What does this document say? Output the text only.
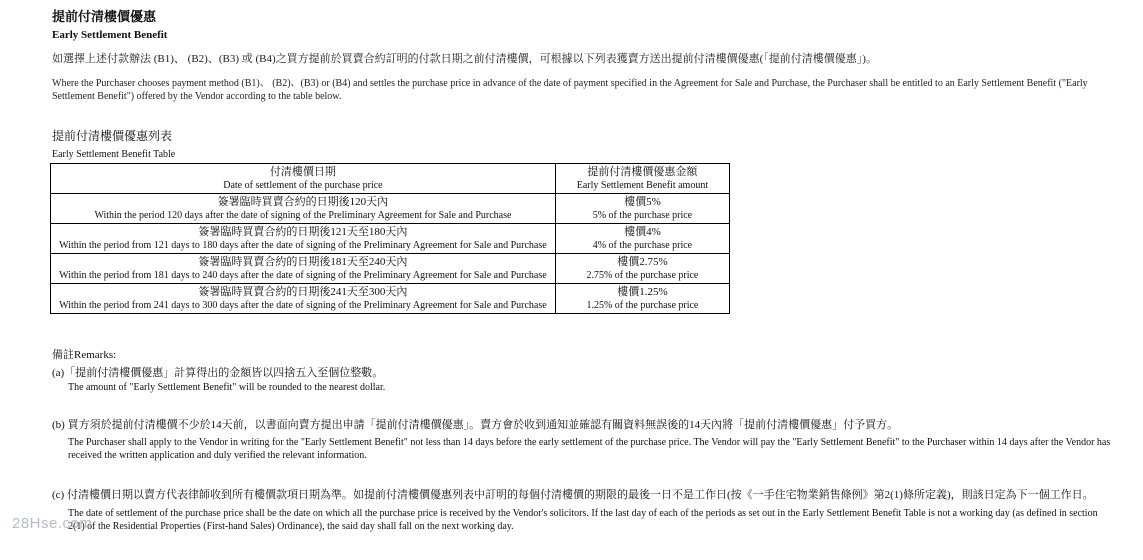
提前付清樓價優惠
Early Settlement Benefit
如選擇上述付款辦法 (B1)、 (B2)、(B3) 或 (B4)之買方提前於買賣合約訂明的付款日期之前付清樓價，可根據以下列表獲賣方送出提前付清樓價優惠(「提前付清樓價優惠」)。
Where the Purchaser chooses payment method (B1)、 (B2)、(B3) or (B4) and settles the purchase price in advance of the date of payment specified in the Agreement for Sale and Purchase, the Purchaser shall be entitled to an Early Settlement Benefit ("Early Settlement Benefit") offered by the Vendor according to the table below.
提前付清樓價優惠列表
Early Settlement Benefit Table
付清樓價日期
Date of settlement of the purchase price	提前付清樓價優惠金額
Early Settlement Benefit amount

簽署臨時買賣合約的日期後120天內
Within the period 120 days after the date of signing of the Preliminary Agreement for Sale and Purchase	樓價5%
5% of the purchase price

簽署臨時買賣合約的日期後121天至180天內
Within the period from 121 days to 180 days after the date of signing of the Preliminary Agreement for Sale and Purchase	樓價4%
4% of the purchase price

簽署臨時買賣合約的日期後181天至240天內
Within the period from 181 days to 240 days after the date of signing of the Preliminary Agreement for Sale and Purchase	樓價2.75%
2.75% of the purchase price

簽署臨時買賣合約的日期後241天至300天內
Within the period from 241 days to 300 days after the date of signing of the Preliminary Agreement for Sale and Purchase	樓價1.25%
1.25% of the purchase price
備註Remarks:
(a)「提前付清樓價優惠」計算得出的金額皆以四捨五入至個位整數。
The amount of "Early Settlement Benefit" will be rounded to the nearest dollar.
(b) 買方須於提前付清樓價不少於14天前，以書面向賣方提出申請「提前付清樓價優惠」。賣方會於收到通知並確認有關資料無誤後的14天內將「提前付清樓價優惠」付予買方。
The Purchaser shall apply to the Vendor in writing for the "Early Settlement Benefit" not less than 14 days before the early settlement of the purchase price. The Vendor will pay the "Early Settlement Benefit" to the Purchaser within 14 days after the Vendor has received the written application and duly verified the relevant information.
(c) 付清樓價日期以賣方代表律師收到所有樓價款項日期為準。如提前付清樓價優惠列表中訂明的每個付清樓價的期限的最後一日不是工作日(按《一手住宅物業銷售條例》第2(1)條所定義)，則該日定為下一個工作日。
The date of settlement of the purchase price shall be the date on which all the purchase price is received by the Vendor's solicitors. If the last day of each of the periods as set out in the Early Settlement Benefit Table is not a working day (as defined in section 2(1) of the Residential Properties (First-hand Sales) Ordinance), the said day shall fall on the next working day.
28Hse.com
